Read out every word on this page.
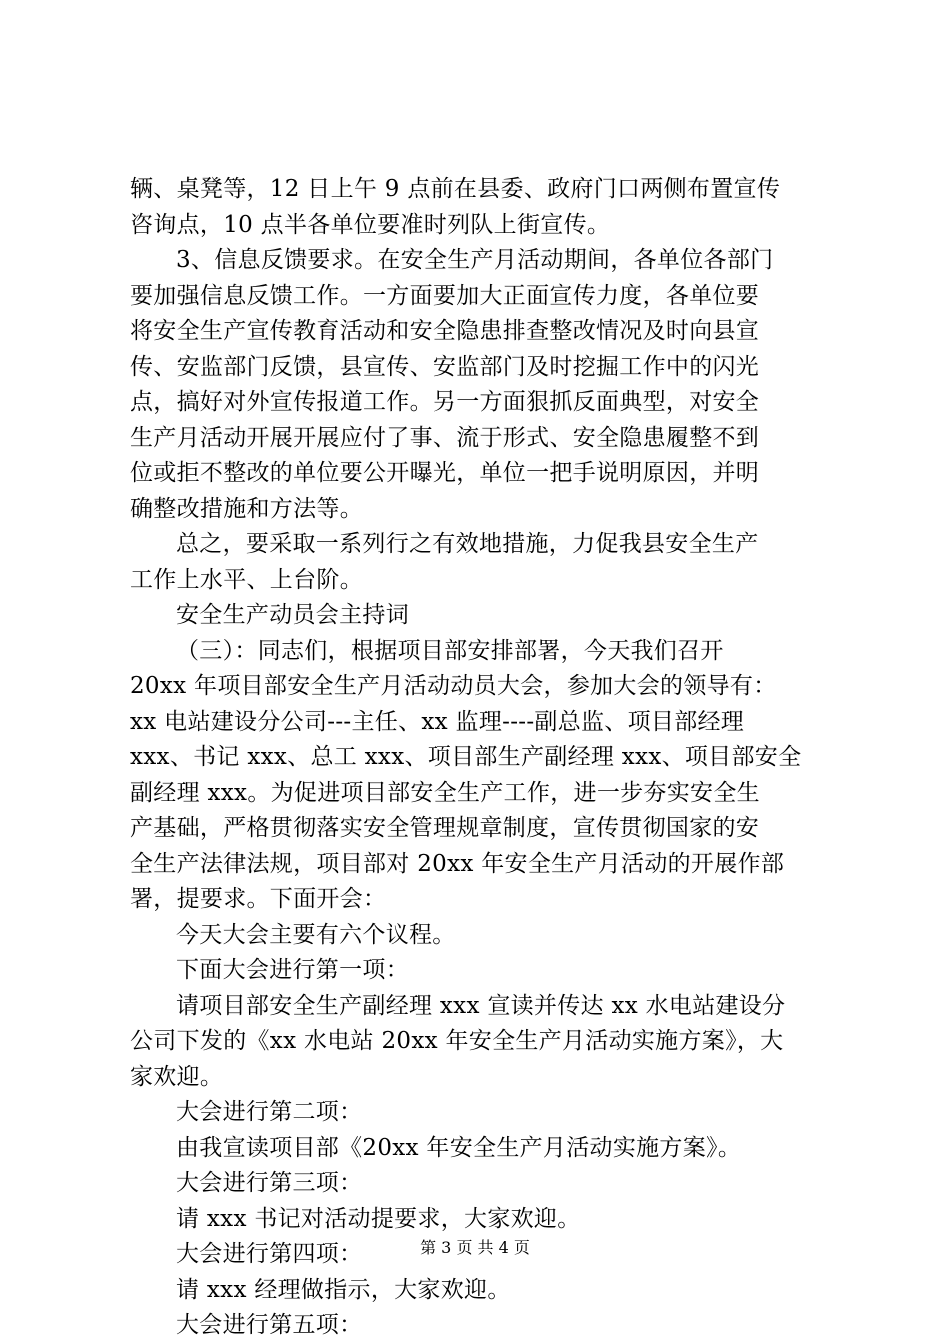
辆、桌凳等，12 日上午 9 点前在县委、政府门口两侧布置宣传
咨询点，10 点半各单位要准时列队上街宣传。
3、信息反馈要求。在安全生产月活动期间，各单位各部门
要加强信息反馈工作。一方面要加大正面宣传力度，各单位要
将安全生产宣传教育活动和安全隐患排查整改情况及时向县宣
传、安监部门反馈，县宣传、安监部门及时挖掘工作中的闪光
点，搞好对外宣传报道工作。另一方面狠抓反面典型，对安全
生产月活动开展开展应付了事、流于形式、安全隐患履整不到
位或拒不整改的单位要公开曝光，单位一把手说明原因，并明
确整改措施和方法等。
总之，要采取一系列行之有效地措施，力促我县安全生产
工作上水平、上台阶。
安全生产动员会主持词
（三）：同志们，根据项目部安排部署，今天我们召开
20xx 年项目部安全生产月活动动员大会，参加大会的领导有：
xx 电站建设分公司---主任、xx 监理----副总监、项目部经理
xxx、书记 xxx、总工 xxx、项目部生产副经理 xxx、项目部安全
副经理 xxx。为促进项目部安全生产工作，进一步夯实安全生
产基础，严格贯彻落实安全管理规章制度，宣传贯彻国家的安
全生产法律法规，项目部对 20xx 年安全生产月活动的开展作部
署，提要求。下面开会：
今天大会主要有六个议程。
下面大会进行第一项：
请项目部安全生产副经理 xxx 宣读并传达 xx 水电站建设分
公司下发的《xx 水电站 20xx 年安全生产月活动实施方案》，大
家欢迎。
大会进行第二项：
由我宣读项目部《20xx 年安全生产月活动实施方案》。
大会进行第三项：
请 xxx 书记对活动提要求，大家欢迎。
大会进行第四项：
请 xxx 经理做指示，大家欢迎。
大会进行第五项：
第 3 页 共 4 页
